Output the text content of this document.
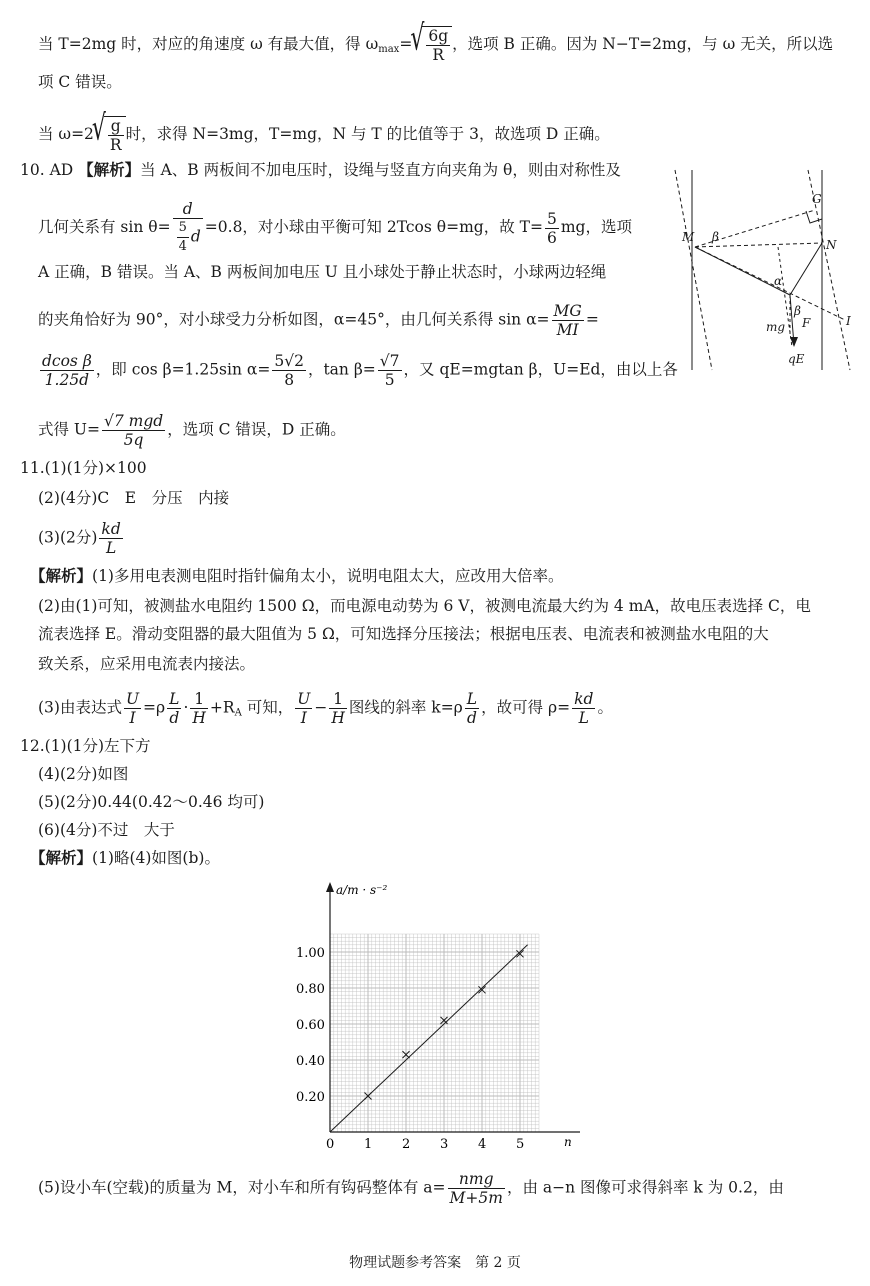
当 T=2mg 时，对应的角速度 ω 有最大值，得 $\omega_{max}=$ √ $\frac{6g}{R}$ ，选项 B 正确。因为 N−T=2mg，与 ω 无关，所以选
项 C 错误。
当 ω=2 √ $\frac{g}{R}$ 时，求得 N=3mg，T=mg，N 与 T 的比值等于 3，故选项 D 正确。
10. AD 【解析】当 A、B 两板间不加电压时，设绳与竖直方向夹角为 θ，则由对称性及
几何关系有 $\sin \theta= \frac{d}{\frac{5}{4} d} =0.8$，对小球由平衡可知 2Tcos θ=mg，故 $T= \frac{5}{6}$ mg，选项
A 正确，B 错误。当 A、B 两板间加电压 U 且小球处于静止状态时，小球两边轻绳
的夹角恰好为 90°，对小球受力分析如图，α=45°，由几何关系得 $\sin \alpha= \frac{MG}{MI}$ =
$\frac{\text{dcos β}}{1.25d}$ ，即 cos β=1.25sin $\alpha= \frac{5√2}{8}$ ，$\tan \beta= \frac{√7}{5}$ ，又 qE=mgtan β，U=Ed，由以上各
式得 $U= \frac{\text{√7 mgd}}{5q}$ ，选项 C 错误，D 正确。
M
N
G
I
β
α
β
mg F
qE
11.(1)(1分)×100
(2)(4分)C　E　分压　内接
(3)(2分) $\frac{kd}{L}$
【解析】(1)多用电表测电阻时指针偏角太小，说明电阻太大，应改用大倍率。
(2)由(1)可知，被测盐水电阻约 1500 Ω，而电源电动势为 6 V，被测电流最大约为 4 mA，故电压表选择 C，电
流表选择 E。滑动变阻器的最大阻值为 5 Ω，可知选择分压接法；根据电压表、电流表和被测盐水电阻的大
致关系，应采用电流表内接法。
(3)由表达式 $\frac{U}{I} =\rho \frac{L}{d} \cdot \frac{1}{H} +R_A$ 可知， $\frac{U}{I} - \frac{1}{H}$ 图线的斜率 $k=\rho \frac{L}{d}$ ，故可得 $\rho= \frac{kd}{L}$ 。
12.(1)(1分)左下方
(4)(2分)如图
(5)(2分)0.44(0.42～0.46 均可)
(6)(4分)不过　大于
【解析】(1)略(4)如图(b)。
0 1 2 3 4 5
0.20
0.40
0.60
0.80
1.00
a/m · s⁻²
n
(5)设小车(空载)的质量为 M，对小车和所有钩码整体有 $a= \frac{\text{nmg}}{M+5m}$ ，由 a−n 图像可求得斜率 k 为 0.2，由
物理试题参考答案　第 2 页
